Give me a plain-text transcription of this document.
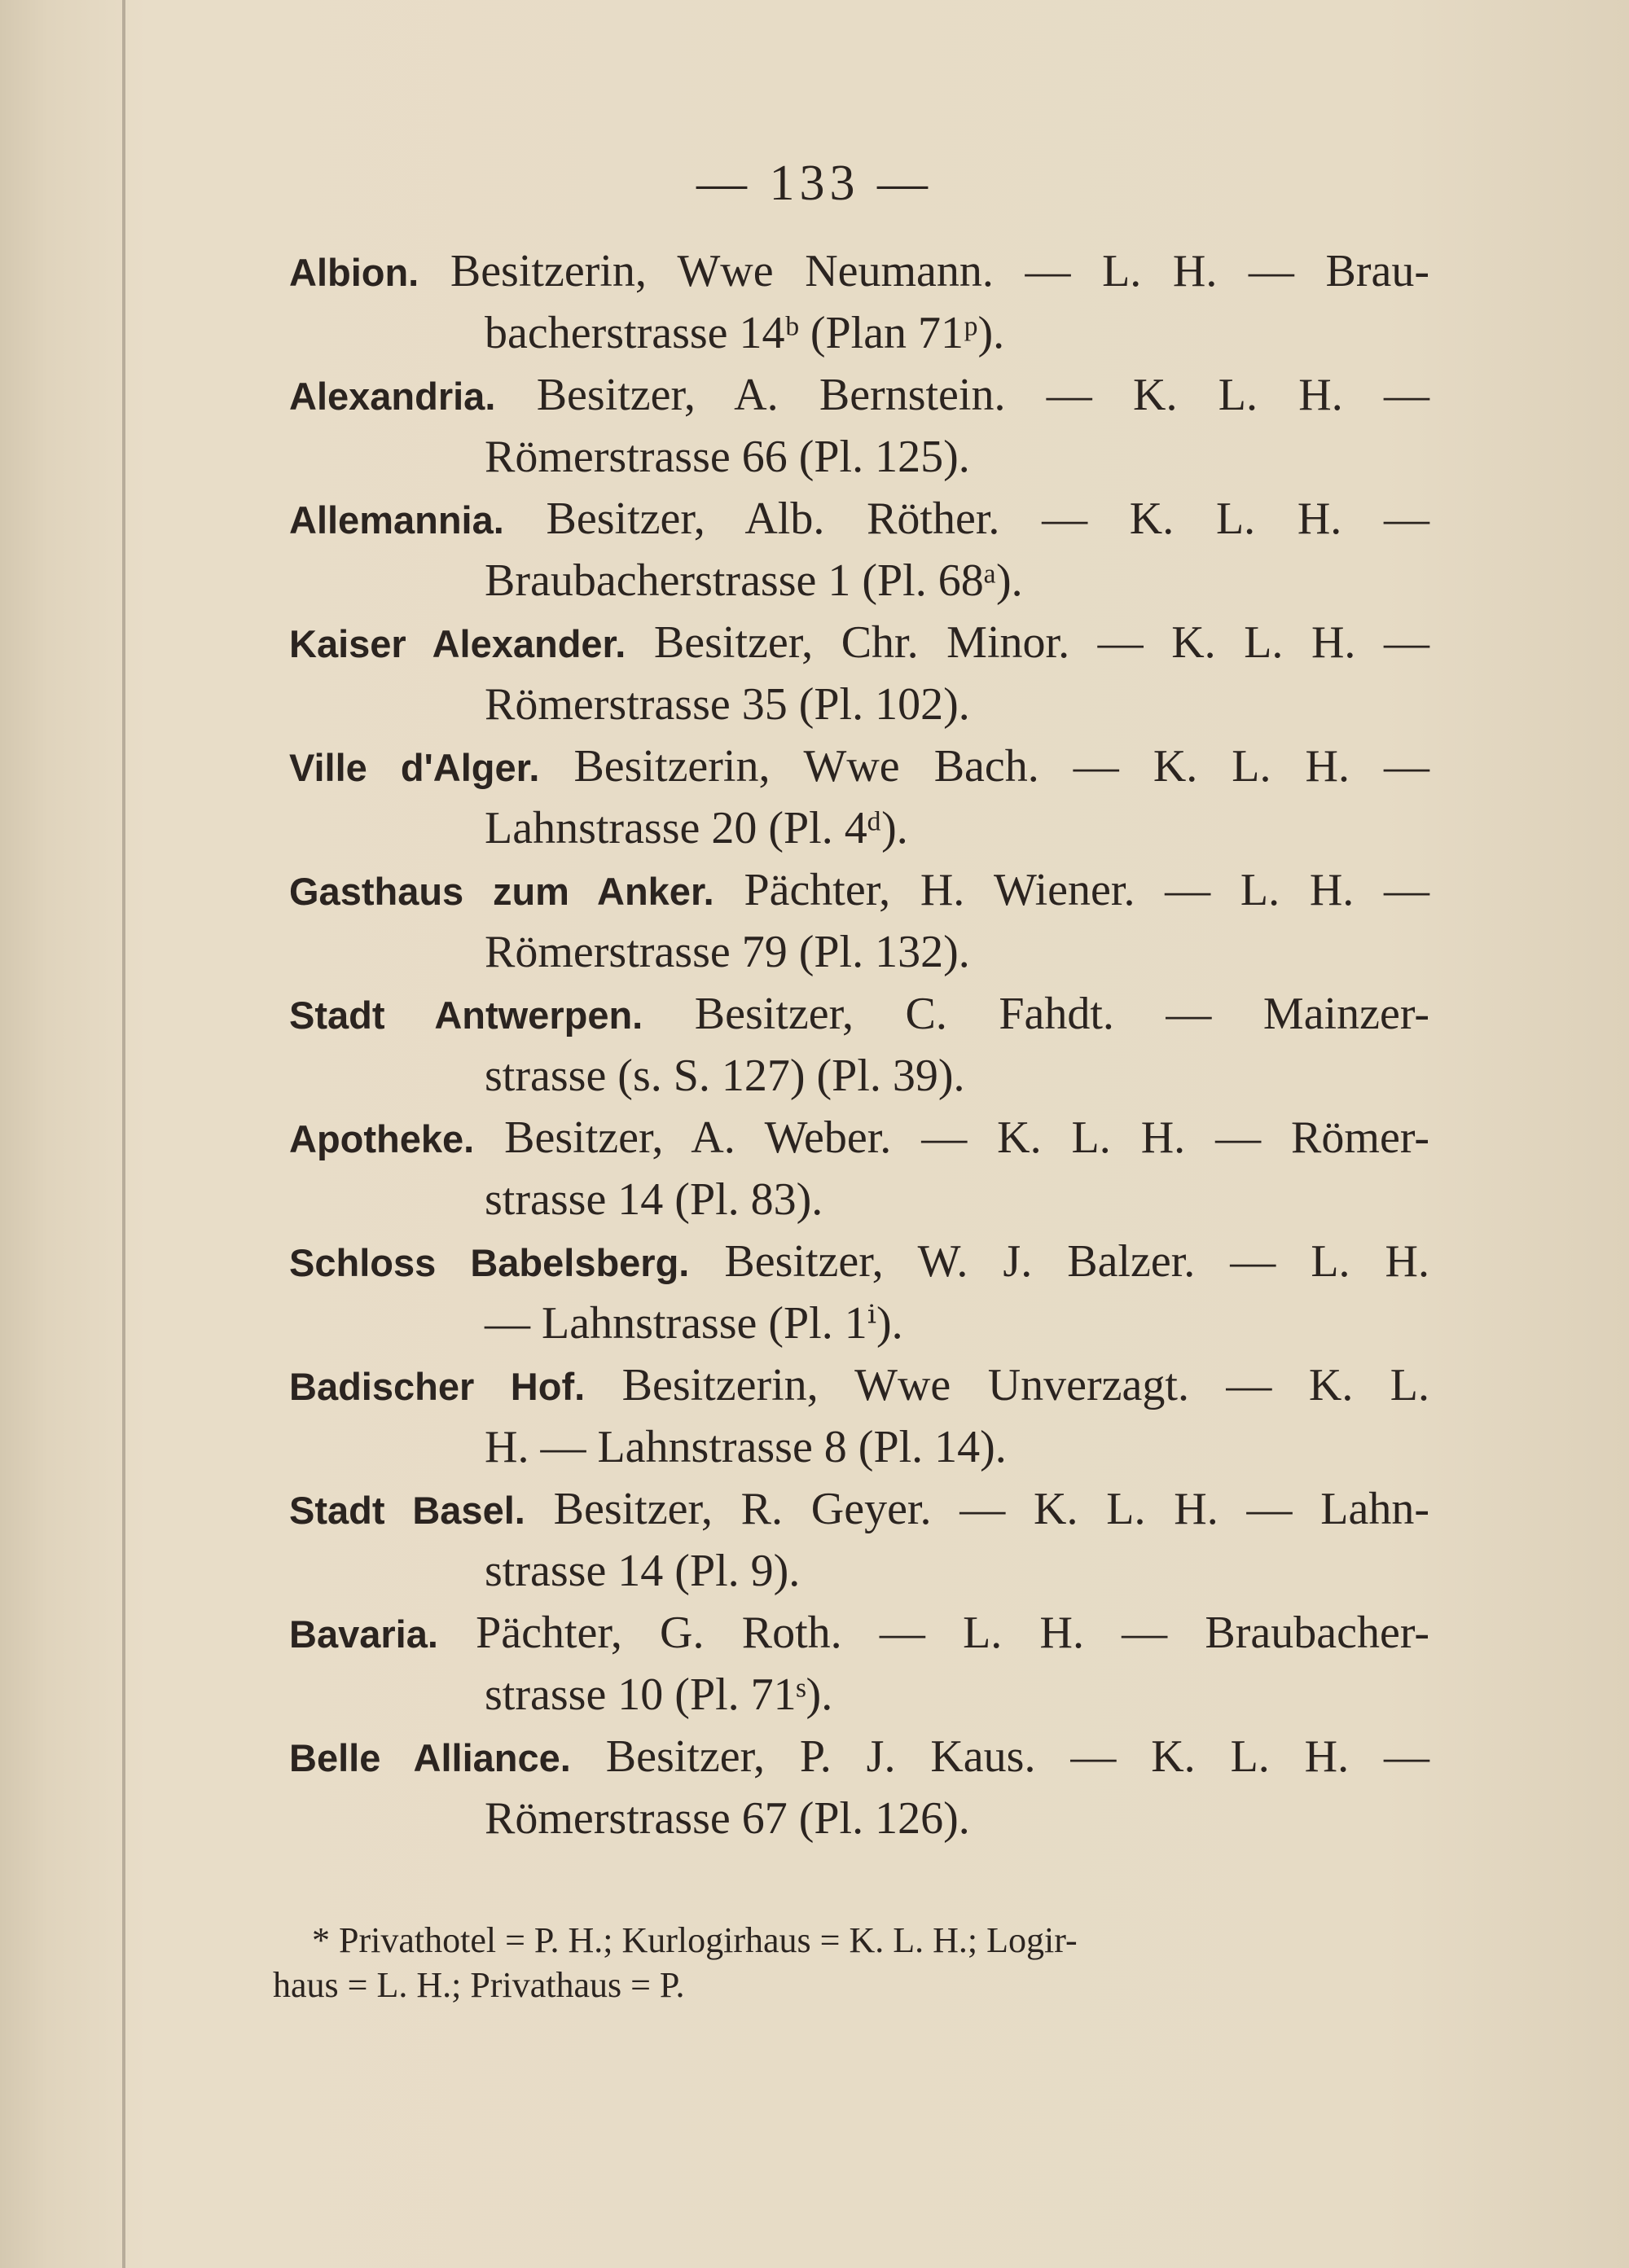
— 133 —
Albion. Besitzerin, Wwe Neumann. — L. H. — Brau-
bacherstrasse 14ᵇ (Plan 71ᵖ).
Alexandria. Besitzer, A. Bernstein. — K. L. H. —
Römerstrasse 66 (Pl. 125).
Allemannia. Besitzer, Alb. Röther. — K. L. H. —
Braubacherstrasse 1 (Pl. 68ᵃ).
Kaiser Alexander. Besitzer, Chr. Minor. — K. L. H. —
Römerstrasse 35 (Pl. 102).
Ville d'Alger. Besitzerin, Wwe Bach. — K. L. H. —
Lahnstrasse 20 (Pl. 4ᵈ).
Gasthaus zum Anker. Pächter, H. Wiener. — L. H. —
Römerstrasse 79 (Pl. 132).
Stadt Antwerpen. Besitzer, C. Fahdt. — Mainzer-
strasse (s. S. 127) (Pl. 39).
Apotheke. Besitzer, A. Weber. — K. L. H. — Römer-
strasse 14 (Pl. 83).
Schloss Babelsberg. Besitzer, W. J. Balzer. — L. H.
— Lahnstrasse (Pl. 1ⁱ).
Badischer Hof. Besitzerin, Wwe Unverzagt. — K. L.
H. — Lahnstrasse 8 (Pl. 14).
Stadt Basel. Besitzer, R. Geyer. — K. L. H. — Lahn-
strasse 14 (Pl. 9).
Bavaria. Pächter, G. Roth. — L. H. — Braubacher-
strasse 10 (Pl. 71ˢ).
Belle Alliance. Besitzer, P. J. Kaus. — K. L. H. —
Römerstrasse 67 (Pl. 126).
* Privathotel = P. H.; Kurlogirhaus = K. L. H.; Logir-
haus = L. H.; Privathaus = P.
